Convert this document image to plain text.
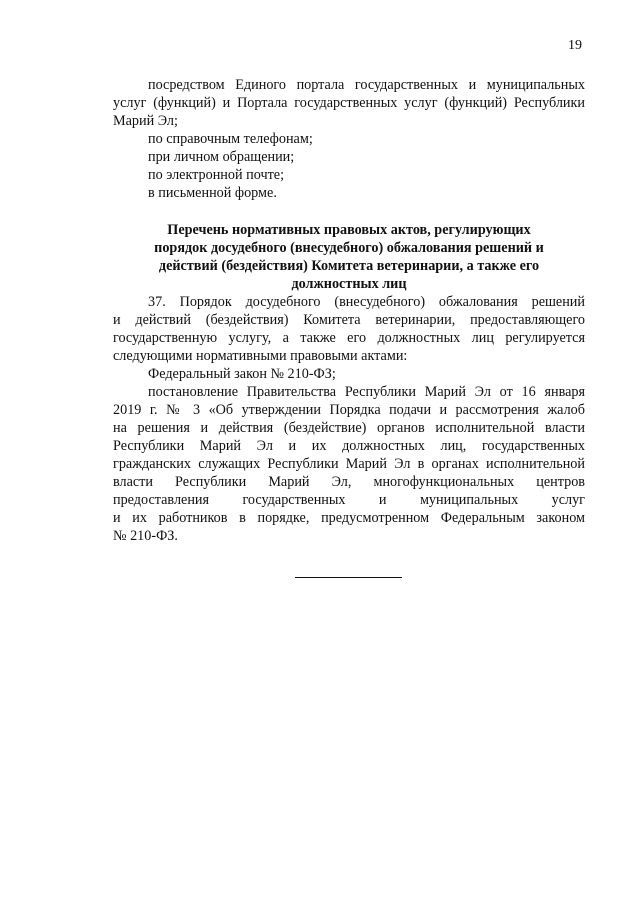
19
посредством Единого портала государственных и муниципальных
услуг (функций) и Портала государственных услуг (функций) Республики
Марий Эл;
по справочным телефонам;
при личном обращении;
по электронной почте;
в письменной форме.
Перечень нормативных правовых актов, регулирующих
порядок досудебного (внесудебного) обжалования решений и
действий (бездействия) Комитета ветеринарии, а также его
должностных лиц
37. Порядок досудебного (внесудебного) обжалования решений
и действий (бездействия) Комитета ветеринарии, предоставляющего
государственную услугу, а также его должностных лиц регулируется
следующими нормативными правовыми актами:
Федеральный закон № 210-ФЗ;
постановление Правительства Республики Марий Эл от 16 января
2019 г. № 3 «Об утверждении Порядка подачи и рассмотрения жалоб
на решения и действия (бездействие) органов исполнительной власти
Республики Марий Эл и их должностных лиц, государственных
гражданских служащих Республики Марий Эл в органах исполнительной
власти Республики Марий Эл, многофункциональных центров
предоставления государственных и муниципальных услуг
и их работников в порядке, предусмотренном Федеральным законом
№ 210-ФЗ.
